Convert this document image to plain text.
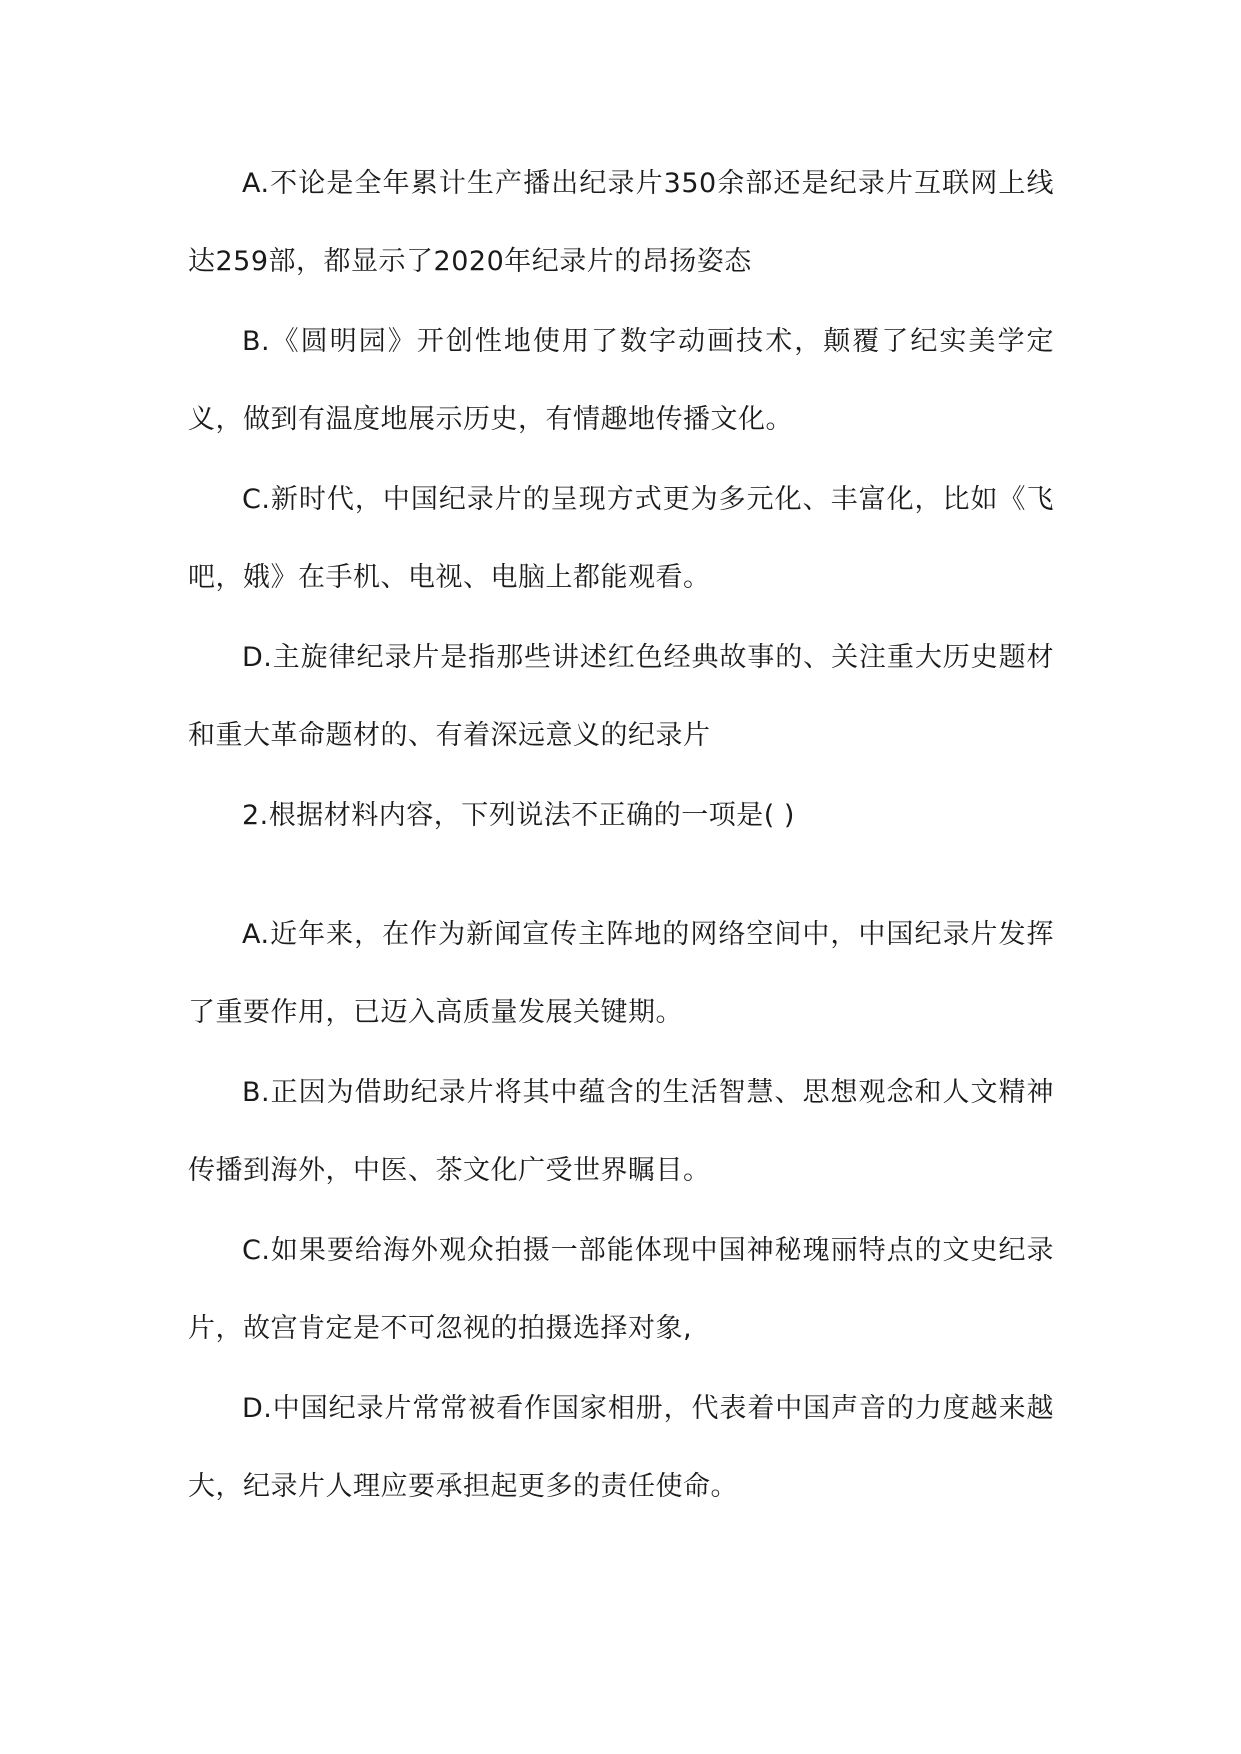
A.不论是全年累计生产播出纪录片350余部还是纪录片互联网上线达259部，都显示了2020年纪录片的昂扬姿态

B.《圆明园》开创性地使用了数字动画技术，颠覆了纪实美学定义，做到有温度地展示历史，有情趣地传播文化。

C.新时代，中国纪录片的呈现方式更为多元化、丰富化，比如《飞吧，娥》在手机、电视、电脑上都能观看。

D.主旋律纪录片是指那些讲述红色经典故事的、关注重大历史题材和重大革命题材的、有着深远意义的纪录片

2.根据材料内容，下列说法不正确的一项是( )

A.近年来，在作为新闻宣传主阵地的网络空间中，中国纪录片发挥了重要作用，已迈入高质量发展关键期。

B.正因为借助纪录片将其中蕴含的生活智慧、思想观念和人文精神传播到海外，中医、茶文化广受世界瞩目。

C.如果要给海外观众拍摄一部能体现中国神秘瑰丽特点的文史纪录片，故宫肯定是不可忽视的拍摄选择对象,

D.中国纪录片常常被看作国家相册，代表着中国声音的力度越来越大，纪录片人理应要承担起更多的责任使命。
